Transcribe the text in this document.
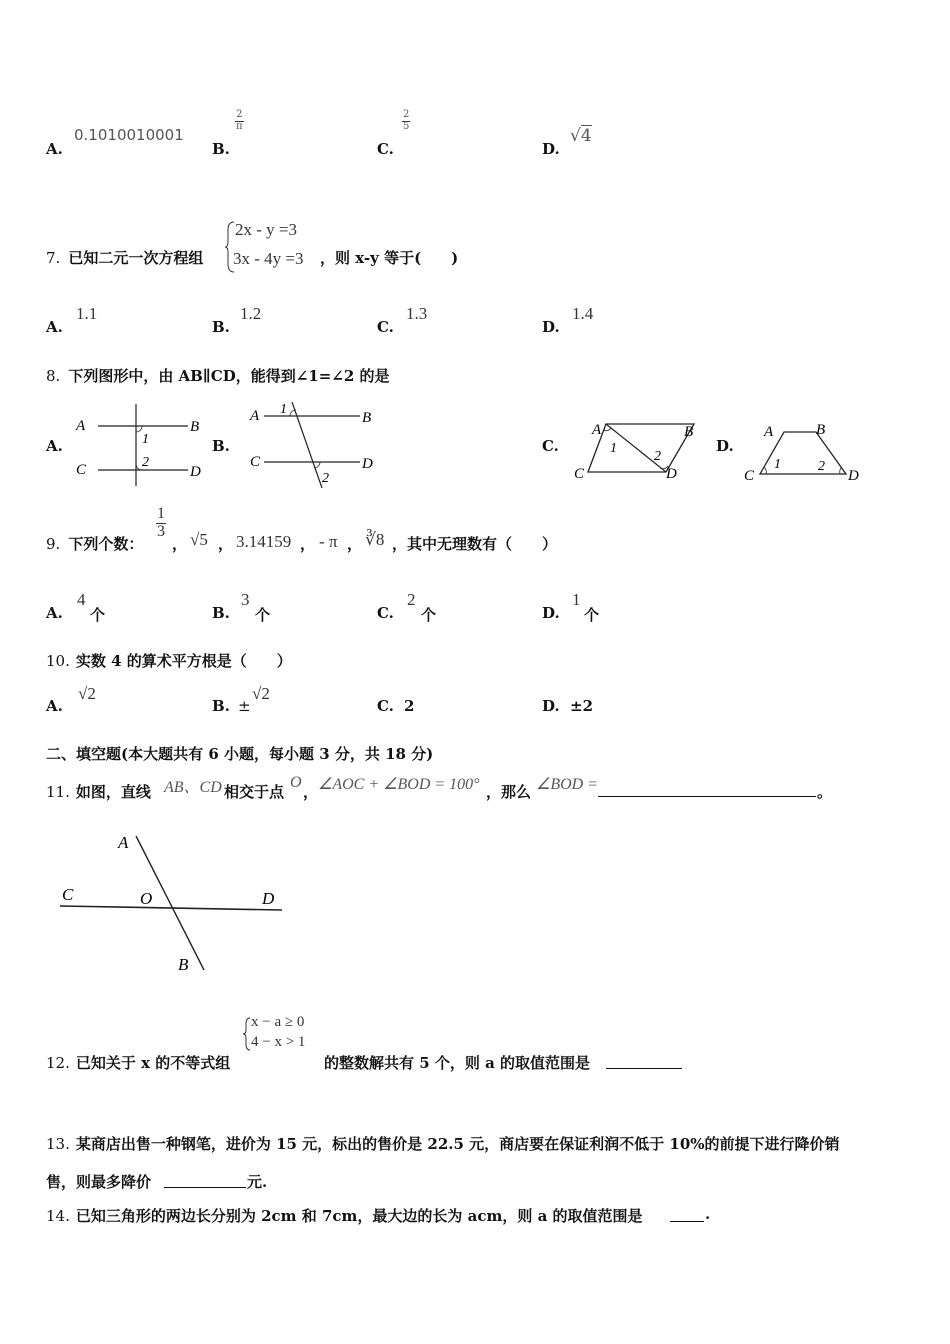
A.
0.1010010001
B.
$\frac{2}{\pi}$
C.
$\frac{2}{5}$
D.
√4
7. 已知二元一次方程组
2x - y =3
3x - 4y =3 ，则 x-y 等于(　　)
A.
1.1
B.
1.2
C.
1.3
D.
1.4
8. 下列图形中，由 AB∥CD，能得到∠1=∠2 的是
A.
A	B
C	D
1
2
B.
A	B
C	D
1
2
C.
A	B
C	D
1
2
D.
A	B
C	D
1	2
9. 下列个数：
$\frac{1}{3}$
， √5 ， 3.14159 ， - π ， ∛8 ，其中无理数有（　　）
A.
4
个	B.
3
个	C.
2
个	D.
1
个
10. 实数 4 的算术平方根是（　　）
A.
√2
B. ±
√2
C. 2	D. ±2
二、填空题(本大题共有 6 小题，每小题 3 分，共 18 分)
11. 如图，直线 AB、CD 相交于点
O
， ∠AOC + ∠BOD = 100° ，那么 ∠BOD =	。
A
C	O	D
B
x − a ≥ 0
4 − x > 1
12. 已知关于 x 的不等式组	的整数解共有 5 个，则 a 的取值范围是
13. 某商店出售一种钢笔，进价为 15 元，标出的售价是 22.5 元，商店要在保证利润不低于 10%的前提下进行降价销
售，则最多降价	元.
14. 已知三角形的两边长分别为 2cm 和 7cm，最大边的长为 acm，则 a 的取值范围是	.
